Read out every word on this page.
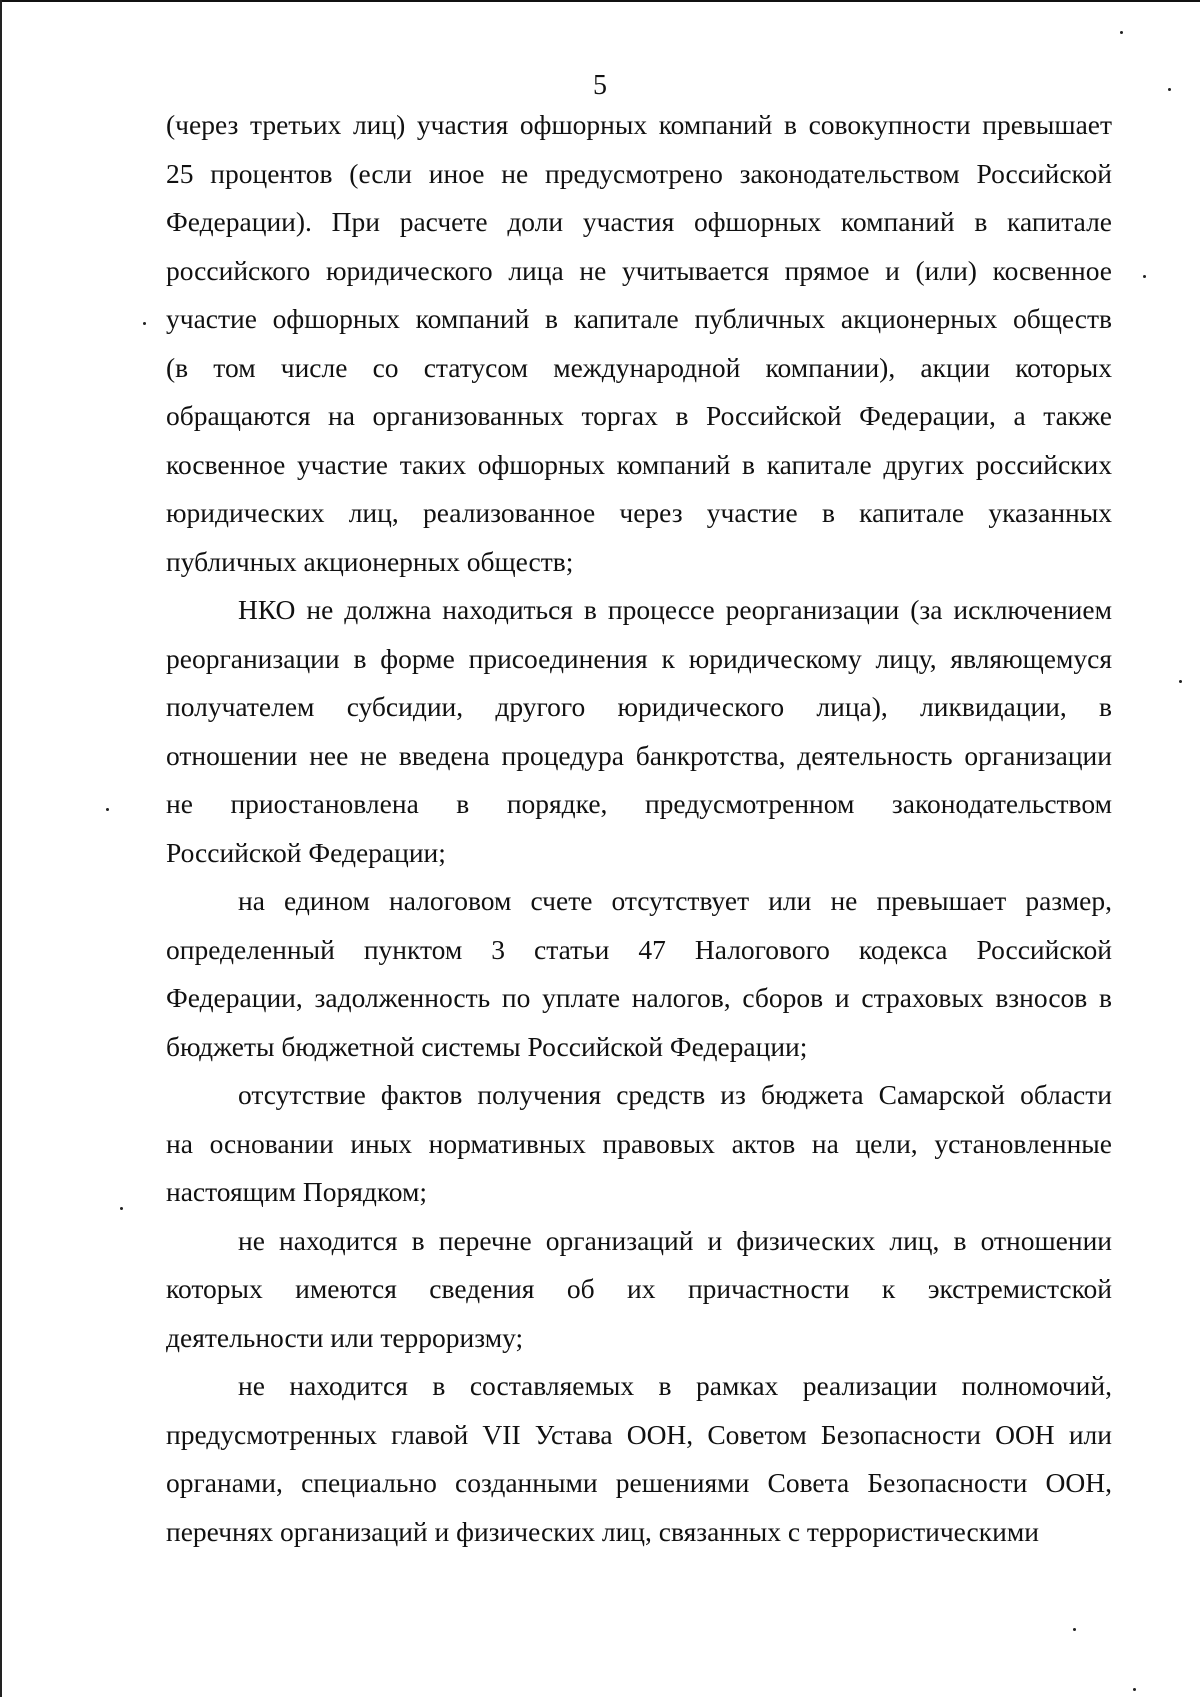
5
(через третьих лиц) участия офшорных компаний в совокупности превышает
25 процентов (если иное не предусмотрено законодательством Российской
Федерации). При расчете доли участия офшорных компаний в капитале
российского юридического лица не учитывается прямое и (или) косвенное
участие офшорных компаний в капитале публичных акционерных обществ
(в том числе со статусом международной компании), акции которых
обращаются на организованных торгах в Российской Федерации, а также
косвенное участие таких офшорных компаний в капитале других российских
юридических лиц, реализованное через участие в капитале указанных
публичных акционерных обществ;
НКО не должна находиться в процессе реорганизации (за исключением
реорганизации в форме присоединения к юридическому лицу, являющемуся
получателем субсидии, другого юридического лица), ликвидации, в
отношении нее не введена процедура банкротства, деятельность организации
не приостановлена в порядке, предусмотренном законодательством
Российской Федерации;
на едином налоговом счете отсутствует или не превышает размер,
определенный пунктом 3 статьи 47 Налогового кодекса Российской
Федерации, задолженность по уплате налогов, сборов и страховых взносов в
бюджеты бюджетной системы Российской Федерации;
отсутствие фактов получения средств из бюджета Самарской области
на основании иных нормативных правовых актов на цели, установленные
настоящим Порядком;
не находится в перечне организаций и физических лиц, в отношении
которых имеются сведения об их причастности к экстремистской
деятельности или терроризму;
не находится в составляемых в рамках реализации полномочий,
предусмотренных главой VII Устава ООН, Советом Безопасности ООН или
органами, специально созданными решениями Совета Безопасности ООН,
перечнях организаций и физических лиц, связанных с террористическими
